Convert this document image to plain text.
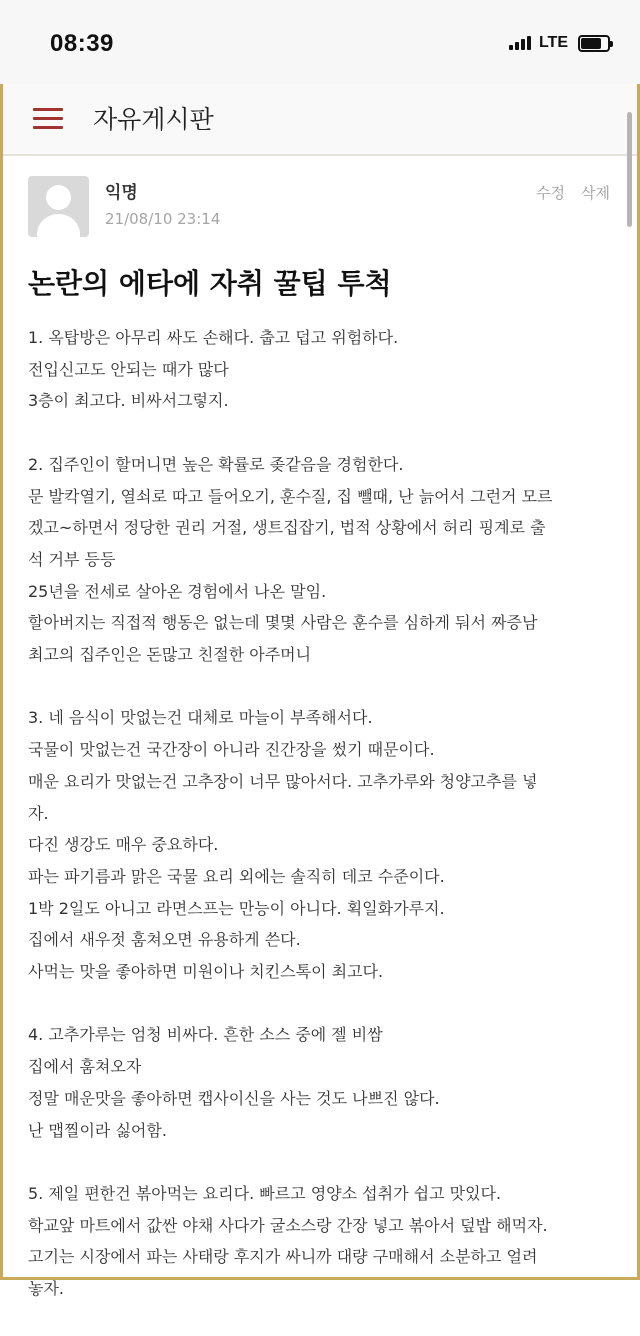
08:39	LTE
자유게시판
익명
21/08/10 23:14
수정 삭제
논란의 에타에 자취 꿀팁 투척
1. 옥탑방은 아무리 싸도 손해다. 춥고 덥고 위험하다.
전입신고도 안되는 때가 많다
3층이 최고다. 비싸서그렇지.
2. 집주인이 할머니면 높은 확률로 좆같음을 경험한다.
문 발칵열기, 열쇠로 따고 들어오기, 훈수질, 집 뺄때, 난 늙어서 그런거 모르
겠고~하면서 정당한 권리 거절, 생트집잡기, 법적 상황에서 허리 핑계로 출
석 거부 등등
25년을 전세로 살아온 경험에서 나온 말임.
할아버지는 직접적 행동은 없는데 몇몇 사람은 훈수를 심하게 둬서 짜증남
최고의 집주인은 돈많고 친절한 아주머니
3. 네 음식이 맛없는건 대체로 마늘이 부족해서다.
국물이 맛없는건 국간장이 아니라 진간장을 썼기 때문이다.
매운 요리가 맛없는건 고추장이 너무 많아서다. 고추가루와 청양고추를 넣
자.
다진 생강도 매우 중요하다.
파는 파기름과 맑은 국물 요리 외에는 솔직히 데코 수준이다.
1박 2일도 아니고 라면스프는 만능이 아니다. 획일화가루지.
집에서 새우젓 훔쳐오면 유용하게 쓴다.
사먹는 맛을 좋아하면 미원이나 치킨스톡이 최고다.
4. 고추가루는 엄청 비싸다. 흔한 소스 중에 젤 비쌈
집에서 훔쳐오자
정말 매운맛을 좋아하면 캡사이신을 사는 것도 나쁘진 않다.
난 맵찔이라 싫어함.
5. 제일 편한건 볶아먹는 요리다. 빠르고 영양소 섭취가 쉽고 맛있다.
학교앞 마트에서 값싼 야채 사다가 굴소스랑 간장 넣고 볶아서 덮밥 해먹자.
고기는 시장에서 파는 사태랑 후지가 싸니까 대량 구매해서 소분하고 얼려
놓자.
